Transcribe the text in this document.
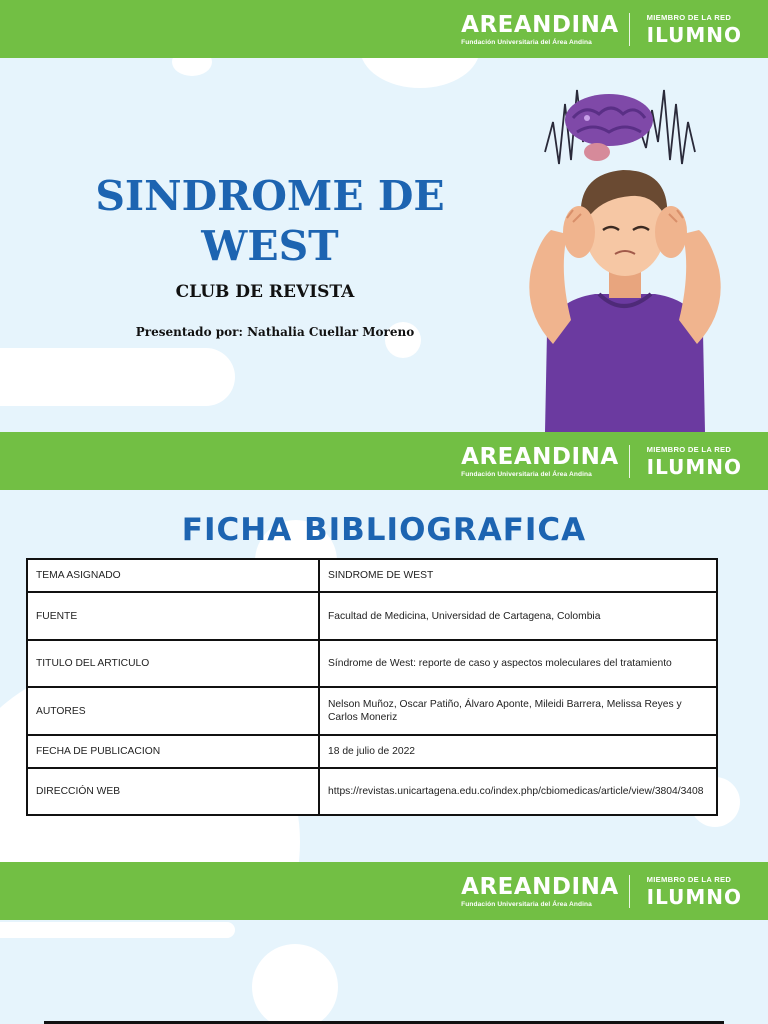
AREANDINA
Fundación Universitaria del Área Andina
MIEMBRO DE LA RED
ILUMNO
SINDROME DE WEST
CLUB DE REVISTA
Presentado por: Nathalia Cuellar Moreno
AREANDINA
Fundación Universitaria del Área Andina
MIEMBRO DE LA RED
ILUMNO
FICHA BIBLIOGRAFICA
TEMA ASIGNADO	SINDROME DE WEST
FUENTE	Facultad de Medicina, Universidad de Cartagena, Colombia
TITULO DEL ARTICULO	Síndrome de West: reporte de caso y aspectos moleculares del tratamiento
AUTORES	Nelson Muñoz, Oscar Patiño, Álvaro Aponte, Mileidi Barrera, Melissa Reyes y Carlos Moneriz
FECHA DE PUBLICACION	18 de julio de 2022
DIRECCIÓN WEB	https://revistas.unicartagena.edu.co/index.php/cbiomedicas/article/view/3804/3408
AREANDINA
Fundación Universitaria del Área Andina
MIEMBRO DE LA RED
ILUMNO
